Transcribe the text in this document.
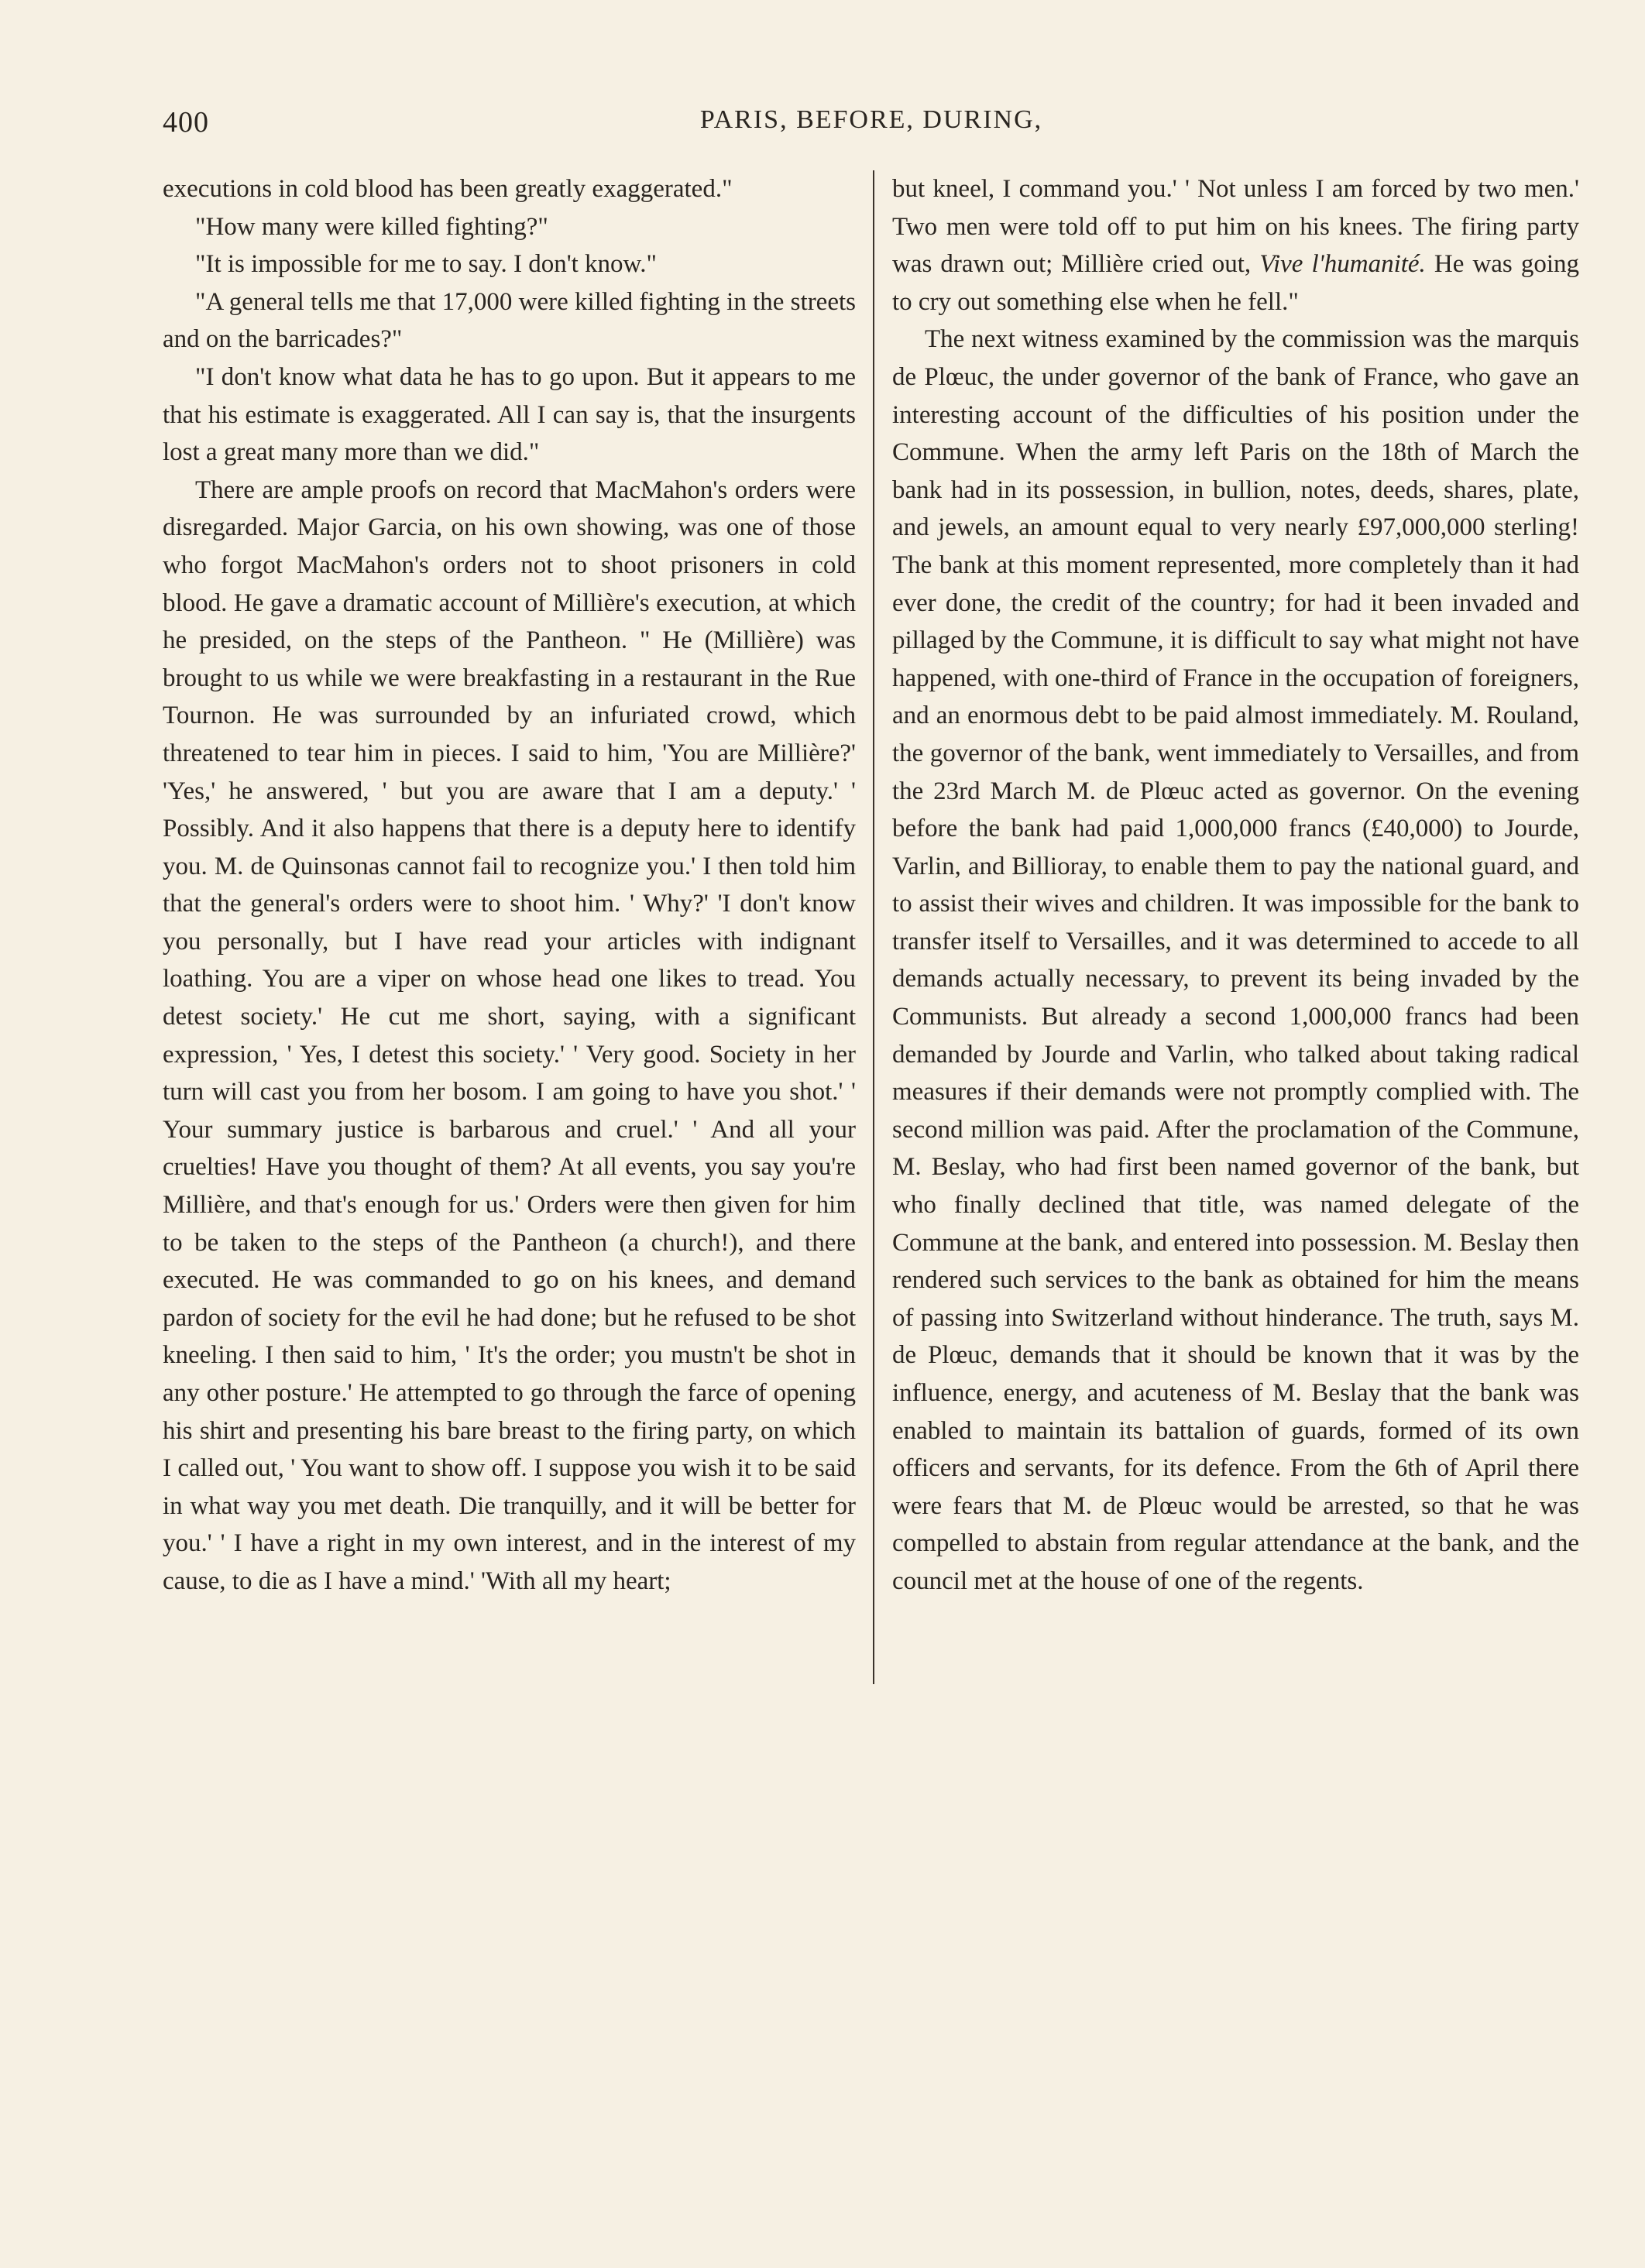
400	PARIS, BEFORE, DURING,

executions in cold blood has been greatly exaggerated."

"How many were killed fighting?"

"It is impossible for me to say. I don't know."

"A general tells me that 17,000 were killed fighting in the streets and on the barricades?"

"I don't know what data he has to go upon. But it appears to me that his estimate is exaggerated. All I can say is, that the insurgents lost a great many more than we did."

There are ample proofs on record that MacMahon's orders were disregarded. Major Garcia, on his own showing, was one of those who forgot MacMahon's orders not to shoot prisoners in cold blood. He gave a dramatic account of Millière's execution, at which he presided, on the steps of the Pantheon. " He (Millière) was brought to us while we were breakfasting in a restaurant in the Rue Tournon. He was surrounded by an infuriated crowd, which threatened to tear him in pieces. I said to him, 'You are Millière?' 'Yes,' he answered, ' but you are aware that I am a deputy.' ' Possibly. And it also happens that there is a deputy here to identify you. M. de Quinsonas cannot fail to recognize you.' I then told him that the general's orders were to shoot him. ' Why?' 'I don't know you personally, but I have read your articles with indignant loathing. You are a viper on whose head one likes to tread. You detest society.' He cut me short, saying, with a significant expression, ' Yes, I detest this society.' ' Very good. Society in her turn will cast you from her bosom. I am going to have you shot.' ' Your summary justice is barbarous and cruel.' ' And all your cruelties! Have you thought of them? At all events, you say you're Millière, and that's enough for us.' Orders were then given for him to be taken to the steps of the Pantheon (a church!), and there executed. He was commanded to go on his knees, and demand pardon of society for the evil he had done; but he refused to be shot kneeling. I then said to him, ' It's the order; you mustn't be shot in any other posture.' He attempted to go through the farce of opening his shirt and presenting his bare breast to the firing party, on which I called out, ' You want to show off. I suppose you wish it to be said in what way you met death. Die tranquilly, and it will be better for you.' ' I have a right in my own interest, and in the interest of my cause, to die as I have a mind.' 'With all my heart;

but kneel, I command you.' ' Not unless I am forced by two men.' Two men were told off to put him on his knees. The firing party was drawn out; Millière cried out, Vive l'humanité. He was going to cry out something else when he fell."

The next witness examined by the commission was the marquis de Plœuc, the under governor of the bank of France, who gave an interesting account of the difficulties of his position under the Commune. When the army left Paris on the 18th of March the bank had in its possession, in bullion, notes, deeds, shares, plate, and jewels, an amount equal to very nearly £97,000,000 sterling! The bank at this moment represented, more completely than it had ever done, the credit of the country; for had it been invaded and pillaged by the Commune, it is difficult to say what might not have happened, with one-third of France in the occupation of foreigners, and an enormous debt to be paid almost immediately. M. Rouland, the governor of the bank, went immediately to Versailles, and from the 23rd March M. de Plœuc acted as governor. On the evening before the bank had paid 1,000,000 francs (£40,000) to Jourde, Varlin, and Billioray, to enable them to pay the national guard, and to assist their wives and children. It was impossible for the bank to transfer itself to Versailles, and it was determined to accede to all demands actually necessary, to prevent its being invaded by the Communists. But already a second 1,000,000 francs had been demanded by Jourde and Varlin, who talked about taking radical measures if their demands were not promptly complied with. The second million was paid. After the proclamation of the Commune, M. Beslay, who had first been named governor of the bank, but who finally declined that title, was named delegate of the Commune at the bank, and entered into possession. M. Beslay then rendered such services to the bank as obtained for him the means of passing into Switzerland without hinderance. The truth, says M. de Plœuc, demands that it should be known that it was by the influence, energy, and acuteness of M. Beslay that the bank was enabled to maintain its battalion of guards, formed of its own officers and servants, for its defence. From the 6th of April there were fears that M. de Plœuc would be arrested, so that he was compelled to abstain from regular attendance at the bank, and the council met at the house of one of the regents.
